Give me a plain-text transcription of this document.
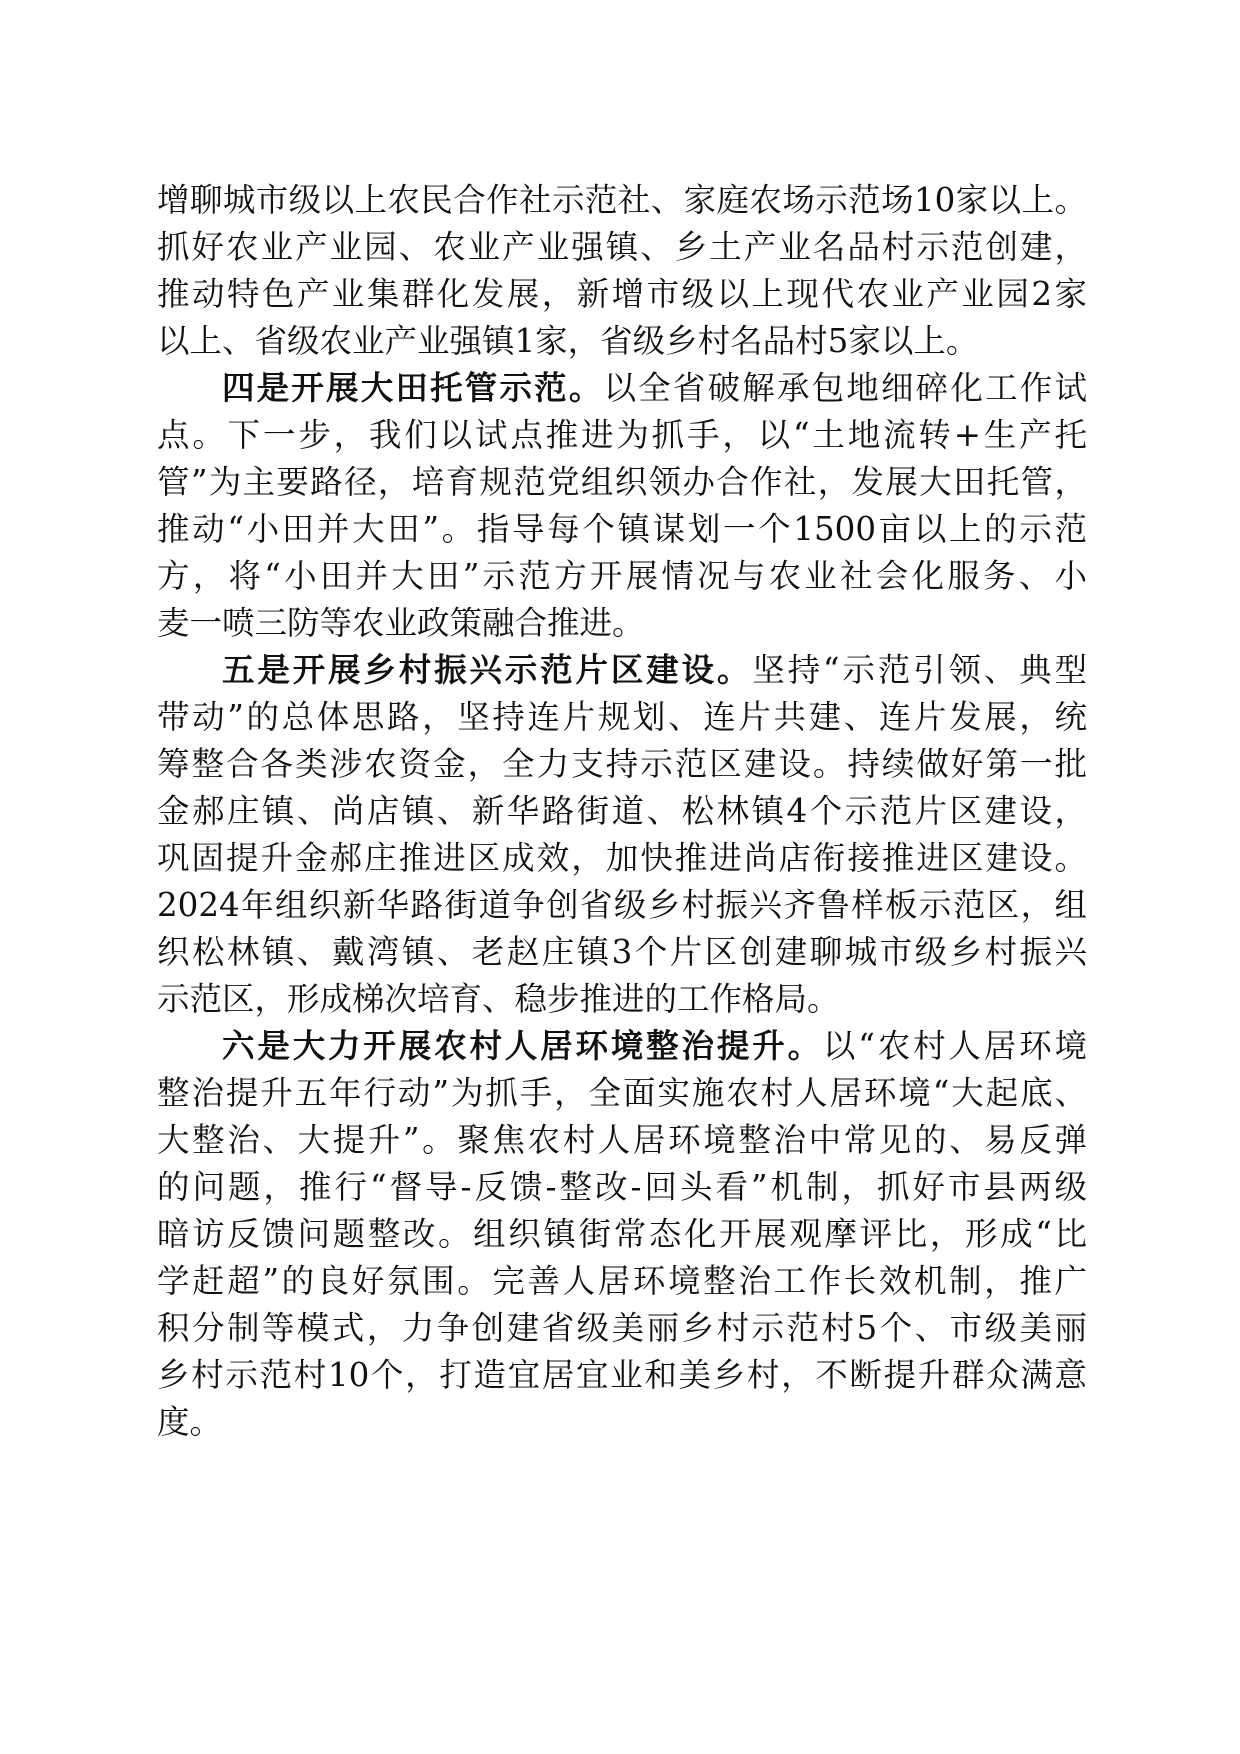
增聊城市级以上农民合作社示范社、家庭农场示范场10家以上。
抓好农业产业园、农业产业强镇、乡土产业名品村示范创建，
推动特色产业集群化发展，新增市级以上现代农业产业园2家
以上、省级农业产业强镇1家，省级乡村名品村5家以上。
四是开展大田托管示范。以全省破解承包地细碎化工作试
点。下一步，我们以试点推进为抓手，以“土地流转+生产托
管”为主要路径，培育规范党组织领办合作社，发展大田托管，
推动“小田并大田”。指导每个镇谋划一个1500亩以上的示范
方，将“小田并大田”示范方开展情况与农业社会化服务、小
麦一喷三防等农业政策融合推进。
五是开展乡村振兴示范片区建设。坚持“示范引领、典型
带动”的总体思路，坚持连片规划、连片共建、连片发展，统
筹整合各类涉农资金，全力支持示范区建设。持续做好第一批
金郝庄镇、尚店镇、新华路街道、松林镇4个示范片区建设，
巩固提升金郝庄推进区成效，加快推进尚店衔接推进区建设。
2024年组织新华路街道争创省级乡村振兴齐鲁样板示范区，组
织松林镇、戴湾镇、老赵庄镇3个片区创建聊城市级乡村振兴
示范区，形成梯次培育、稳步推进的工作格局。
六是大力开展农村人居环境整治提升。以“农村人居环境
整治提升五年行动”为抓手，全面实施农村人居环境“大起底、
大整治、大提升”。聚焦农村人居环境整治中常见的、易反弹
的问题，推行“督导-反馈-整改-回头看”机制，抓好市县两级
暗访反馈问题整改。组织镇街常态化开展观摩评比，形成“比
学赶超”的良好氛围。完善人居环境整治工作长效机制，推广
积分制等模式，力争创建省级美丽乡村示范村5个、市级美丽
乡村示范村10个，打造宜居宜业和美乡村，不断提升群众满意
度。
